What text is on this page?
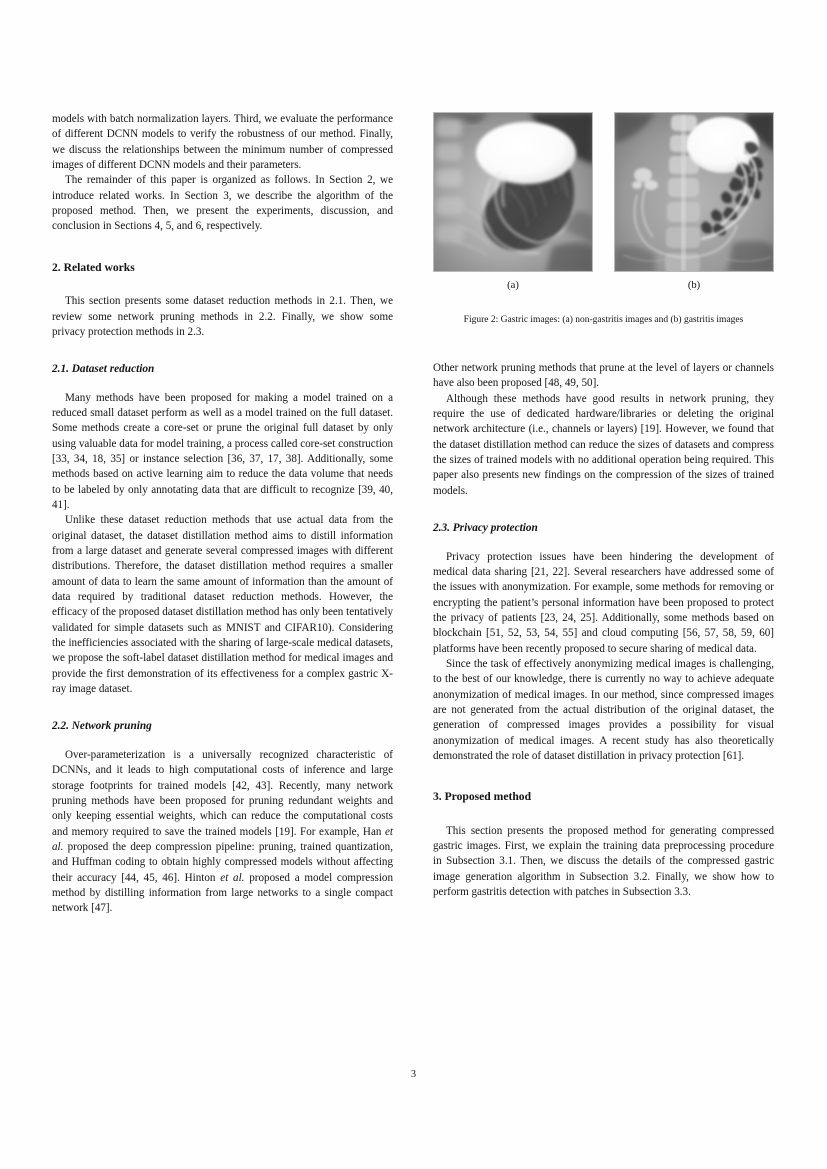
models with batch normalization layers. Third, we evaluate the performance of different DCNN models to verify the robustness of our method. Finally, we discuss the relationships between the minimum number of compressed images of different DCNN models and their parameters.

The remainder of this paper is organized as follows. In Section 2, we introduce related works. In Section 3, we describe the algorithm of the proposed method. Then, we present the experiments, discussion, and conclusion in Sections 4, 5, and 6, respectively.

2. Related works

This section presents some dataset reduction methods in 2.1. Then, we review some network pruning methods in 2.2. Finally, we show some privacy protection methods in 2.3.

2.1. Dataset reduction

Many methods have been proposed for making a model trained on a reduced small dataset perform as well as a model trained on the full dataset. Some methods create a core-set or prune the original full dataset by only using valuable data for model training, a process called core-set construction [33, 34, 18, 35] or instance selection [36, 37, 17, 38]. Additionally, some methods based on active learning aim to reduce the data volume that needs to be labeled by only annotating data that are difficult to recognize [39, 40, 41].

Unlike these dataset reduction methods that use actual data from the original dataset, the dataset distillation method aims to distill information from a large dataset and generate several compressed images with different distributions. Therefore, the dataset distillation method requires a smaller amount of data to learn the same amount of information than the amount of data required by traditional dataset reduction methods. However, the efficacy of the proposed dataset distillation method has only been tentatively validated for simple datasets such as MNIST and CIFAR10). Considering the inefficiencies associated with the sharing of large-scale medical datasets, we propose the soft-label dataset distillation method for medical images and provide the first demonstration of its effectiveness for a complex gastric X-ray image dataset.

2.2. Network pruning

Over-parameterization is a universally recognized characteristic of DCNNs, and it leads to high computational costs of inference and large storage footprints for trained models [42, 43]. Recently, many network pruning methods have been proposed for pruning redundant weights and only keeping essential weights, which can reduce the computational costs and memory required to save the trained models [19]. For example, Han et al. proposed the deep compression pipeline: pruning, trained quantization, and Huffman coding to obtain highly compressed models without affecting their accuracy [44, 45, 46]. Hinton et al. proposed a model compression method by distilling information from large networks to a single compact network [47].

(a)	(b)
Figure 2: Gastric images: (a) non-gastritis images and (b) gastritis images

Other network pruning methods that prune at the level of layers or channels have also been proposed [48, 49, 50].

Although these methods have good results in network pruning, they require the use of dedicated hardware/libraries or deleting the original network architecture (i.e., channels or layers) [19]. However, we found that the dataset distillation method can reduce the sizes of datasets and compress the sizes of trained models with no additional operation being required. This paper also presents new findings on the compression of the sizes of trained models.

2.3. Privacy protection

Privacy protection issues have been hindering the development of medical data sharing [21, 22]. Several researchers have addressed some of the issues with anonymization. For example, some methods for removing or encrypting the patient’s personal information have been proposed to protect the privacy of patients [23, 24, 25]. Additionally, some methods based on blockchain [51, 52, 53, 54, 55] and cloud computing [56, 57, 58, 59, 60] platforms have been recently proposed to secure sharing of medical data.

Since the task of effectively anonymizing medical images is challenging, to the best of our knowledge, there is currently no way to achieve adequate anonymization of medical images. In our method, since compressed images are not generated from the actual distribution of the original dataset, the generation of compressed images provides a possibility for visual anonymization of medical images. A recent study has also theoretically demonstrated the role of dataset distillation in privacy protection [61].

3. Proposed method

This section presents the proposed method for generating compressed gastric images. First, we explain the training data preprocessing procedure in Subsection 3.1. Then, we discuss the details of the compressed gastric image generation algorithm in Subsection 3.2. Finally, we show how to perform gastritis detection with patches in Subsection 3.3.

3
